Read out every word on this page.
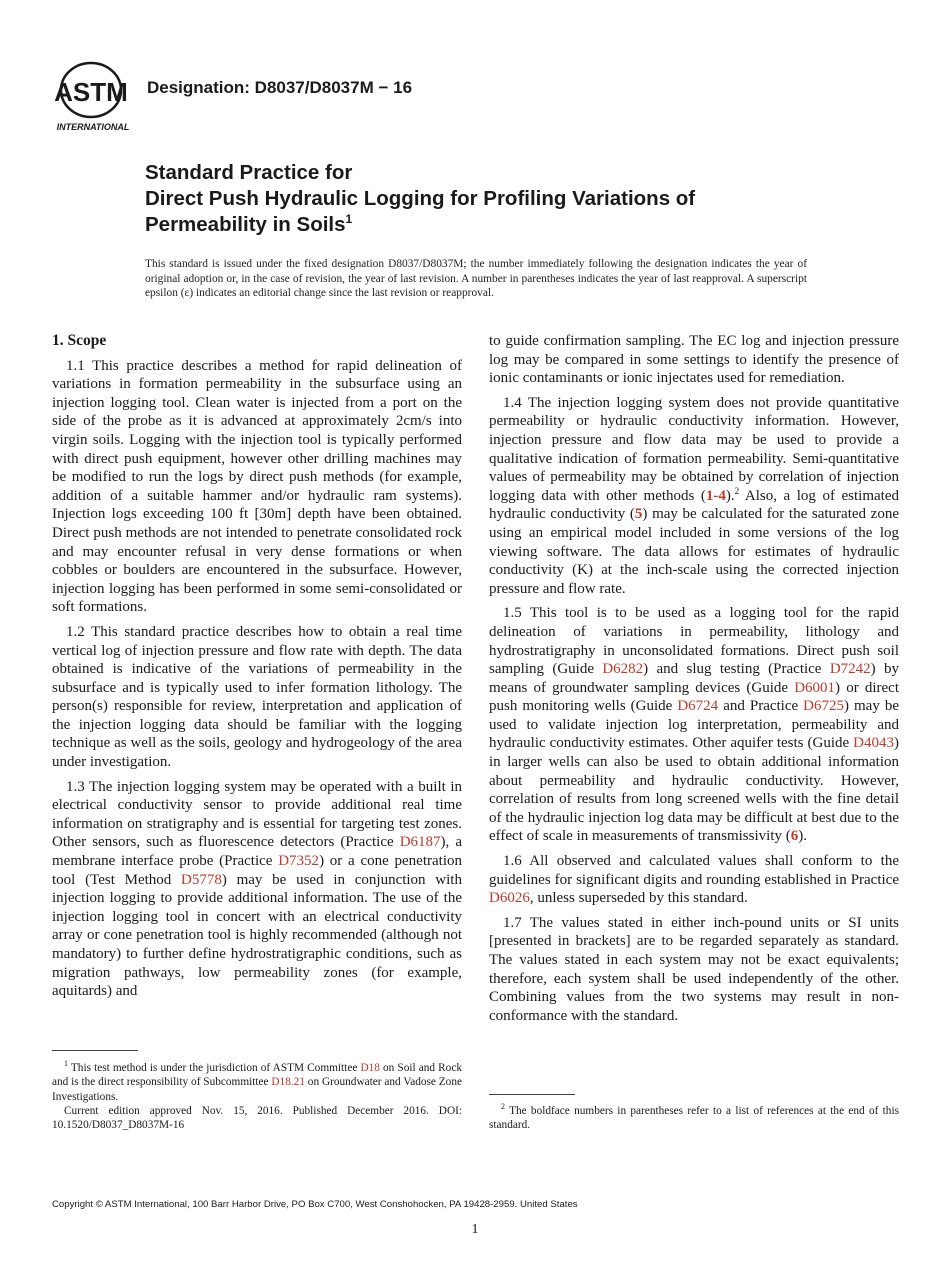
ASTM
INTERNATIONAL
Designation: D8037/D8037M − 16
Standard Practice for
Direct Push Hydraulic Logging for Profiling Variations of
Permeability in Soils$^1$
This standard is issued under the fixed designation D8037/D8037M; the number immediately following the designation indicates the year of original adoption or, in the case of revision, the year of last revision. A number in parentheses indicates the year of last reapproval. A superscript epsilon (ε) indicates an editorial change since the last revision or reapproval.
1. Scope

1.1 This practice describes a method for rapid delineation of variations in formation permeability in the subsurface using an injection logging tool. Clean water is injected from a port on the side of the probe as it is advanced at approximately 2cm/s into virgin soils. Logging with the injection tool is typically performed with direct push equipment, however other drilling machines may be modified to run the logs by direct push methods (for example, addition of a suitable hammer and/or hydraulic ram systems). Injection logs exceeding 100 ft [30m] depth have been obtained. Direct push methods are not intended to penetrate consolidated rock and may encounter refusal in very dense formations or when cobbles or boulders are encountered in the subsurface. However, injection logging has been performed in some semi-consolidated or soft formations.

1.2 This standard practice describes how to obtain a real time vertical log of injection pressure and flow rate with depth. The data obtained is indicative of the variations of permeability in the subsurface and is typically used to infer formation lithology. The person(s) responsible for review, interpretation and application of the injection logging data should be familiar with the logging technique as well as the soils, geology and hydrogeology of the area under investigation.

1.3 The injection logging system may be operated with a built in electrical conductivity sensor to provide additional real time information on stratigraphy and is essential for targeting test zones. Other sensors, such as fluorescence detectors (Practice D6187), a membrane interface probe (Practice D7352) or a cone penetration tool (Test Method D5778) may be used in conjunction with injection logging to provide additional information. The use of the injection logging tool in concert with an electrical conductivity array or cone penetration tool is highly recommended (although not mandatory) to further define hydrostratigraphic conditions, such as migration pathways, low permeability zones (for example, aquitards) and

$^1$ This test method is under the jurisdiction of ASTM Committee D18 on Soil and Rock and is the direct responsibility of Subcommittee D18.21 on Groundwater and Vadose Zone Investigations.

Current edition approved Nov. 15, 2016. Published December 2016. DOI: 10.1520/D8037_D8037M-16

to guide confirmation sampling. The EC log and injection pressure log may be compared in some settings to identify the presence of ionic contaminants or ionic injectates used for remediation.

1.4 The injection logging system does not provide quantitative permeability or hydraulic conductivity information. However, injection pressure and flow data may be used to provide a qualitative indication of formation permeability. Semi-quantitative values of permeability may be obtained by correlation of injection logging data with other methods (1-4).$^2$ Also, a log of estimated hydraulic conductivity (5) may be calculated for the saturated zone using an empirical model included in some versions of the log viewing software. The data allows for estimates of hydraulic conductivity (K) at the inch-scale using the corrected injection pressure and flow rate.

1.5 This tool is to be used as a logging tool for the rapid delineation of variations in permeability, lithology and hydrostratigraphy in unconsolidated formations. Direct push soil sampling (Guide D6282) and slug testing (Practice D7242) by means of groundwater sampling devices (Guide D6001) or direct push monitoring wells (Guide D6724 and Practice D6725) may be used to validate injection log interpretation, permeability and hydraulic conductivity estimates. Other aquifer tests (Guide D4043) in larger wells can also be used to obtain additional information about permeability and hydraulic conductivity. However, correlation of results from long screened wells with the fine detail of the hydraulic injection log data may be difficult at best due to the effect of scale in measurements of transmissivity (6).

1.6 All observed and calculated values shall conform to the guidelines for significant digits and rounding established in Practice D6026, unless superseded by this standard.

1.7 The values stated in either inch-pound units or SI units [presented in brackets] are to be regarded separately as standard. The values stated in each system may not be exact equivalents; therefore, each system shall be used independently of the other. Combining values from the two systems may result in non-conformance with the standard.

$^2$ The boldface numbers in parentheses refer to a list of references at the end of this standard.

Copyright © ASTM International, 100 Barr Harbor Drive, PO Box C700, West Conshohocken, PA 19428-2959. United States
1
